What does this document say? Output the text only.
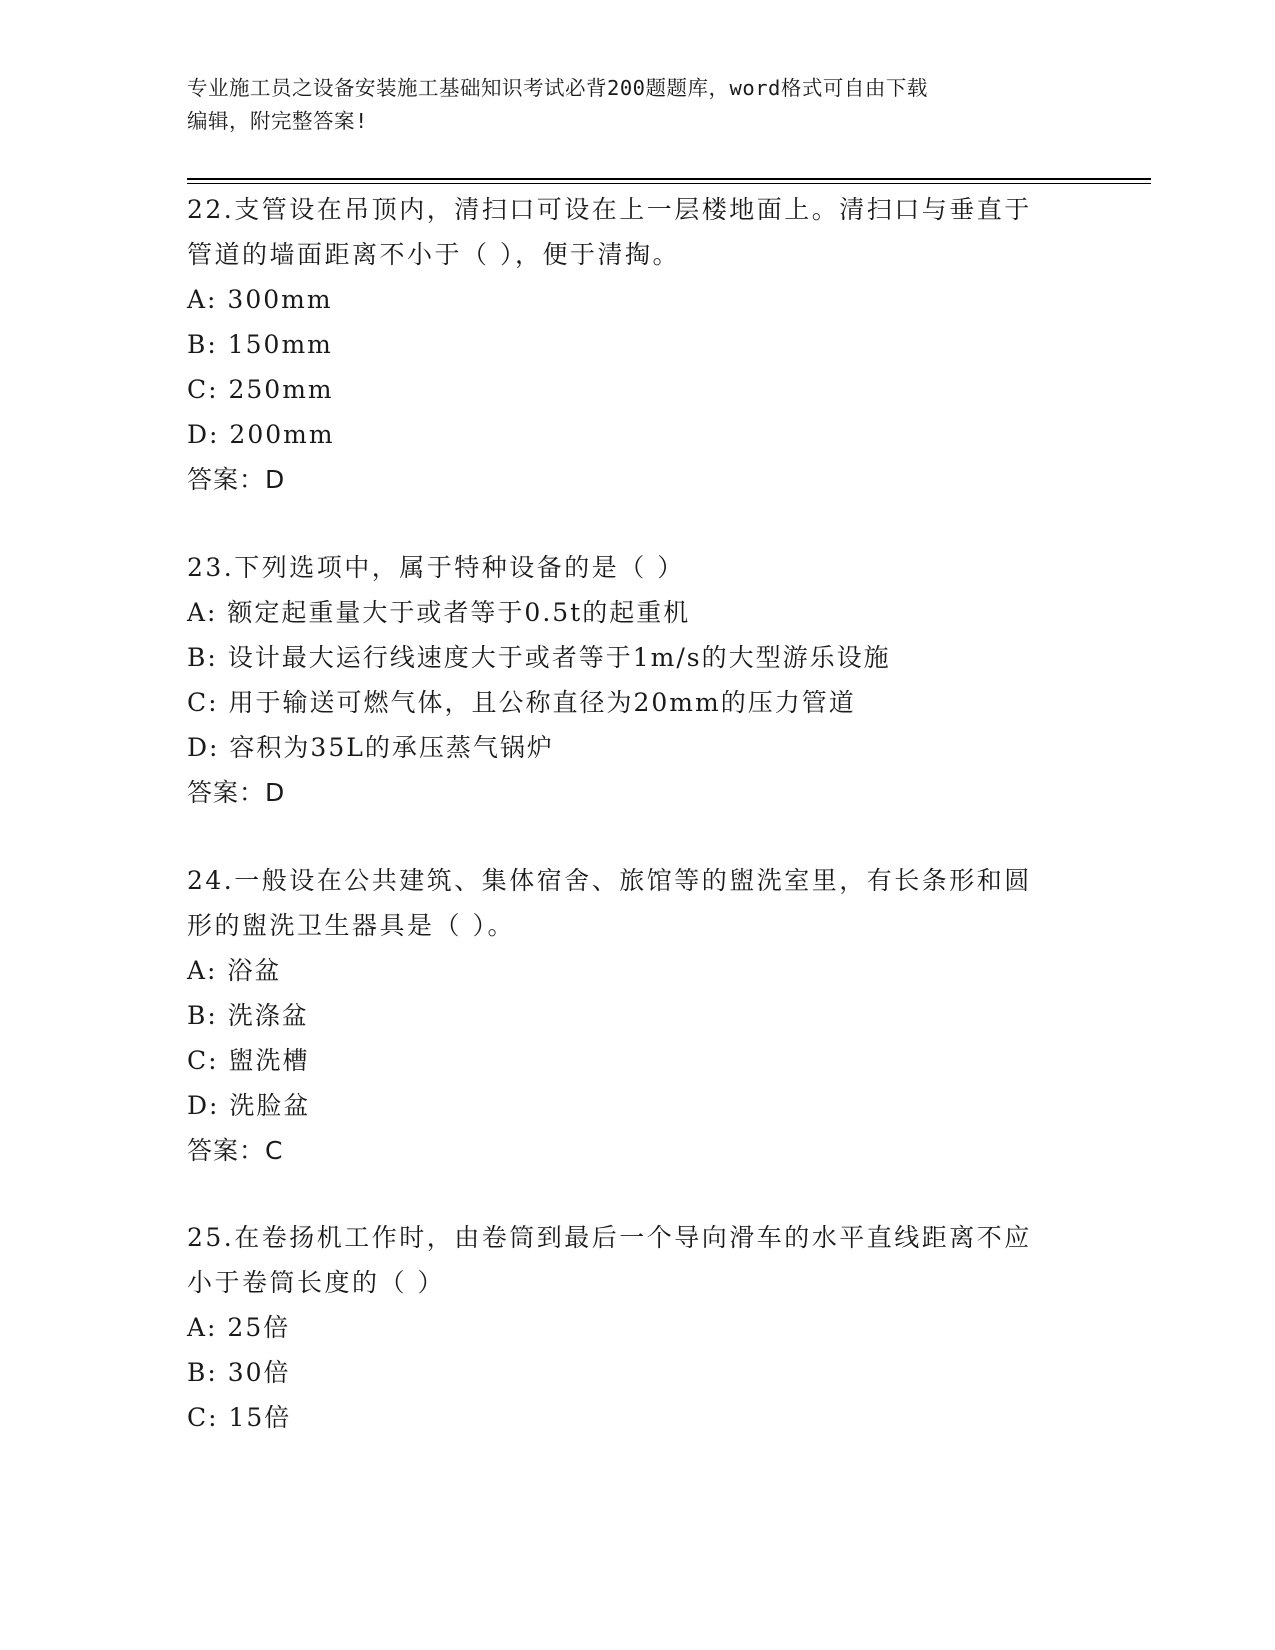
专业施工员之设备安装施工基础知识考试必背200题题库，word格式可自由下载
编辑，附完整答案!
22.支管设在吊顶内，清扫口可设在上一层楼地面上。清扫口与垂直于
管道的墙面距离不小于（ ），便于清掏。
A: 300mm
B: 150mm
C: 250mm
D: 200mm
答案：D
23.下列选项中，属于特种设备的是（ ）
A: 额定起重量大于或者等于0.5t的起重机
B: 设计最大运行线速度大于或者等于1m/s的大型游乐设施
C: 用于输送可燃气体，且公称直径为20mm的压力管道
D: 容积为35L的承压蒸气锅炉
答案：D
24.一般设在公共建筑、集体宿舍、旅馆等的盥洗室里，有长条形和圆
形的盥洗卫生器具是（ ）。
A: 浴盆
B: 洗涤盆
C: 盥洗槽
D: 洗脸盆
答案：C
25.在卷扬机工作时，由卷筒到最后一个导向滑车的水平直线距离不应
小于卷筒长度的（ ）
A: 25倍
B: 30倍
C: 15倍
